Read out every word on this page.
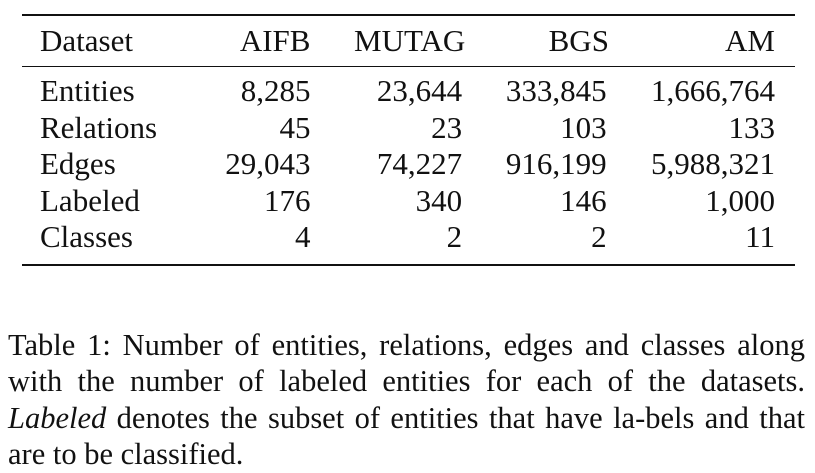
Dataset	AIFB	MUTAG	BGS	AM

Entities	8,285	23,644	333,845	1,666,764
Relations	45	23	103	133
Edges	29,043	74,227	916,199	5,988,321
Labeled	176	340	146	1,000
Classes	4	2	2	11

Table 1: Number of entities, relations, edges and classes along with the number of labeled entities for each of the datasets. Labeled denotes the subset of entities that have la-bels and that are to be classified.
